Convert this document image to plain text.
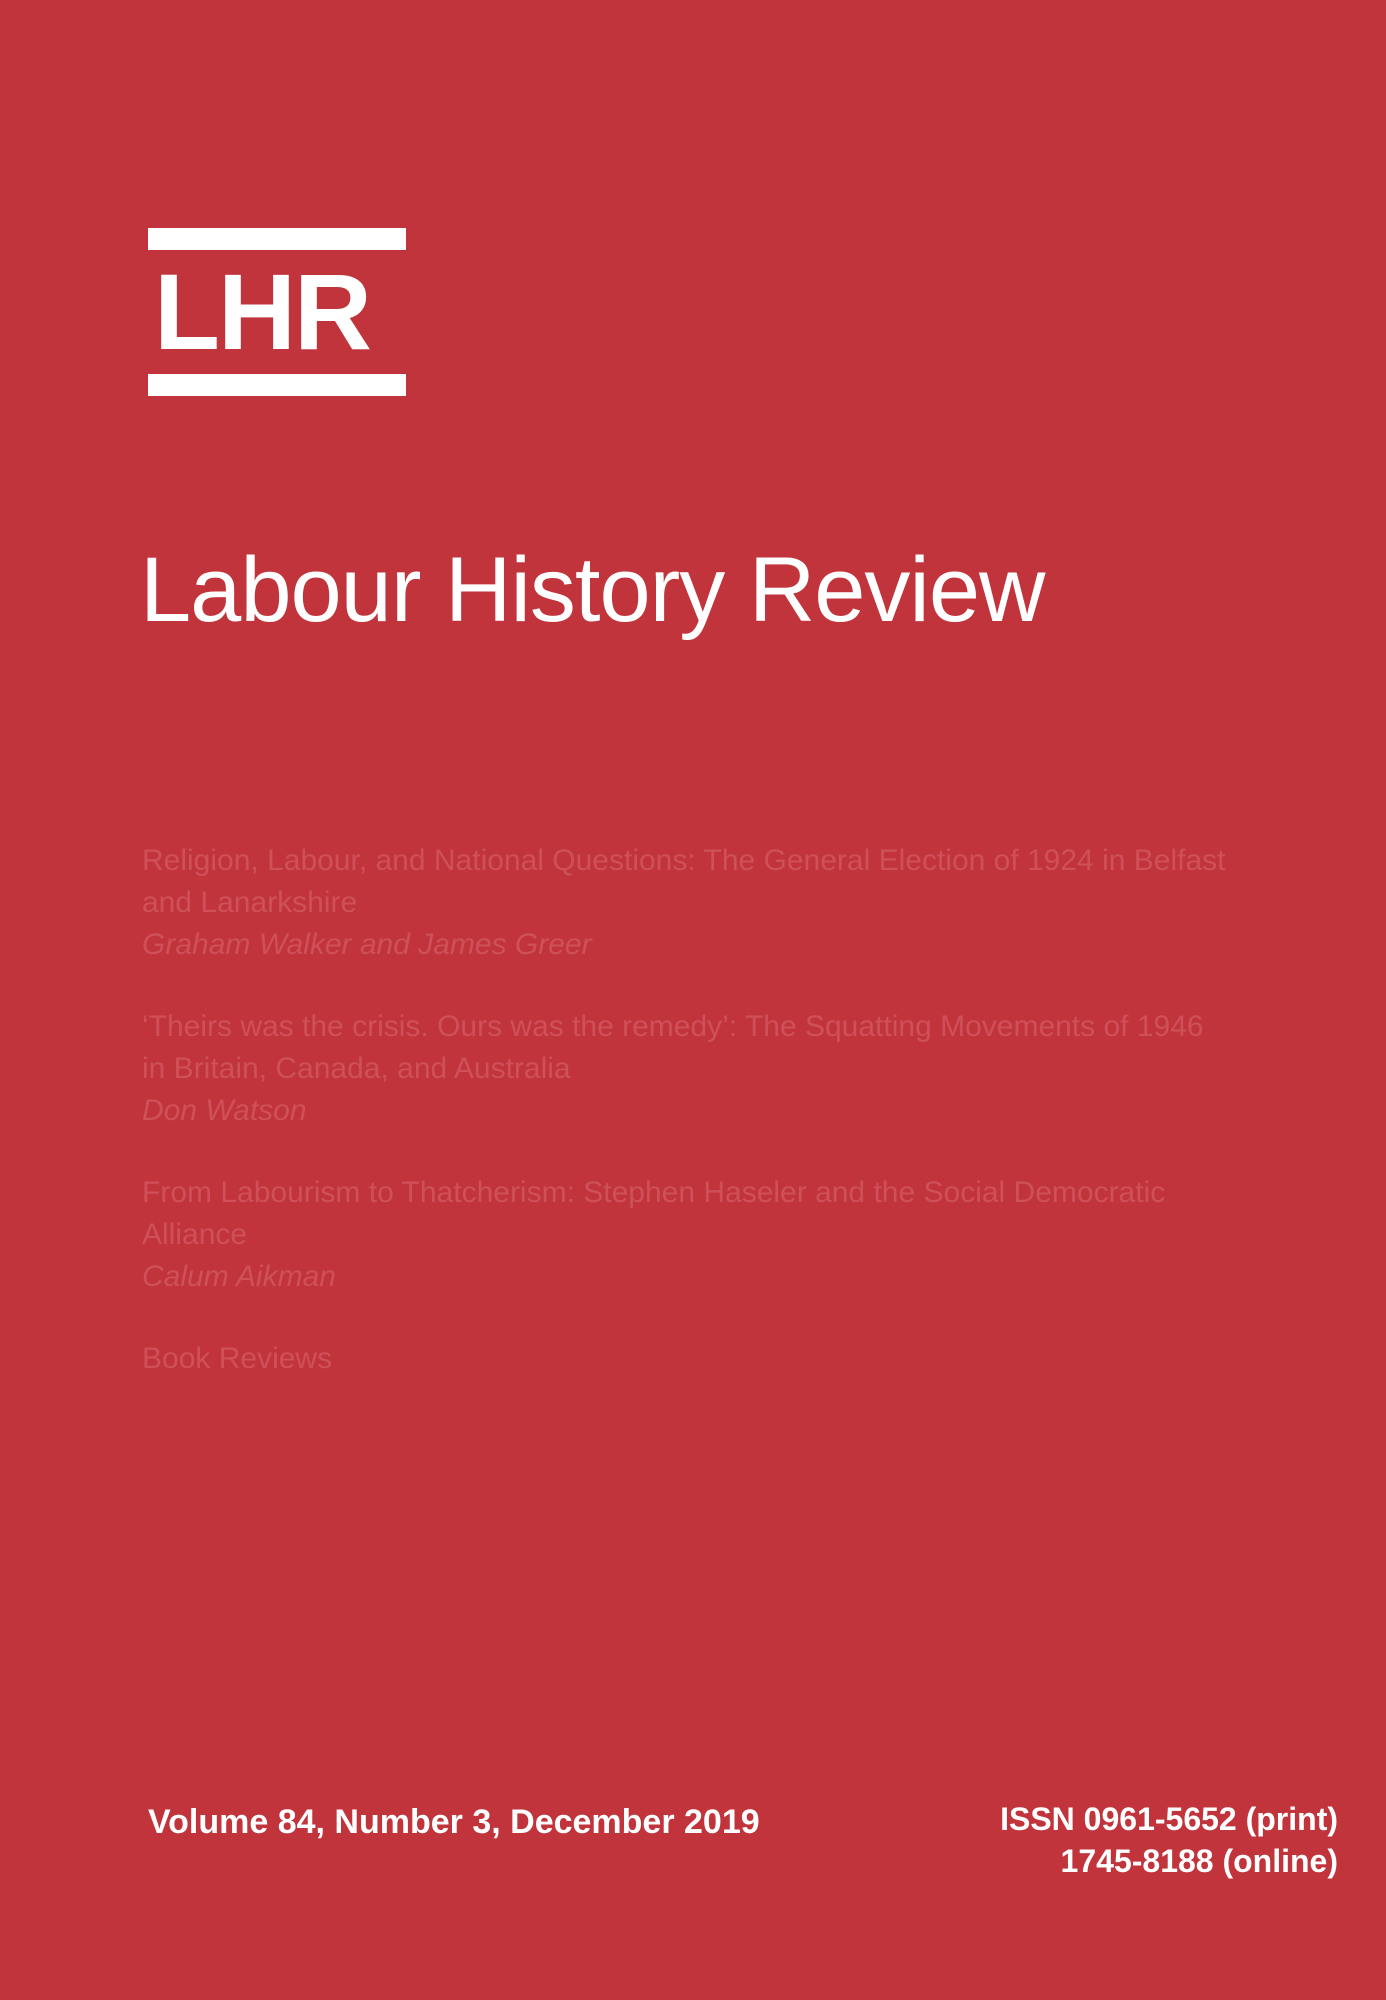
LHR
Labour History Review
Religion, Labour, and National Questions: The General Election of 1924 in Belfast and Lanarkshire
Graham Walker and James Greer
‘Theirs was the crisis. Ours was the remedy’: The Squatting Movements of 1946 in Britain, Canada, and Australia
Don Watson
From Labourism to Thatcherism: Stephen Haseler and the Social Democratic Alliance
Calum Aikman
Book Reviews
Volume 84, Number 3, December 2019	ISSN 0961-5652 (print)
1745-8188 (online)
